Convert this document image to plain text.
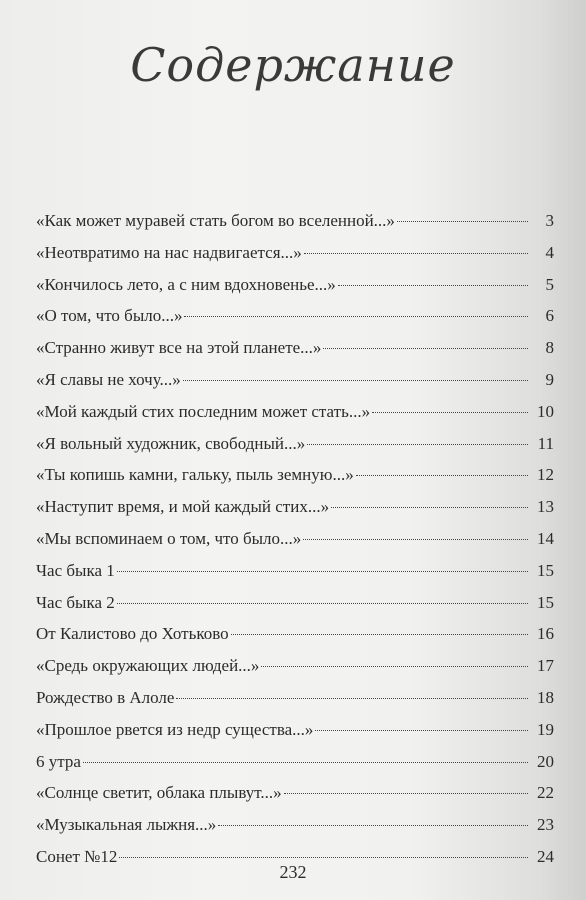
Содержание
«Как может муравей стать богом во вселенной...»	3
«Неотвратимо на нас надвигается...»	4
«Кончилось лето, а с ним вдохновенье...»	5
«О том, что было...»	6
«Странно живут все на этой планете...»	8
«Я славы не хочу...»	9
«Мой каждый стих последним может стать...»	10
«Я вольный художник, свободный...»	11
«Ты копишь камни, гальку, пыль земную...»	12
«Наступит время, и мой каждый стих...»	13
«Мы вспоминаем о том, что было...»	14
Час быка 1	15
Час быка 2	15
От Калистово до Хотьково	16
«Средь окружающих людей...»	17
Рождество в Алоле	18
«Прошлое рвется из недр существа...»	19
6 утра	20
«Солнце светит, облака плывут...»	22
«Музыкальная лыжня...»	23
Сонет №12	24
232
